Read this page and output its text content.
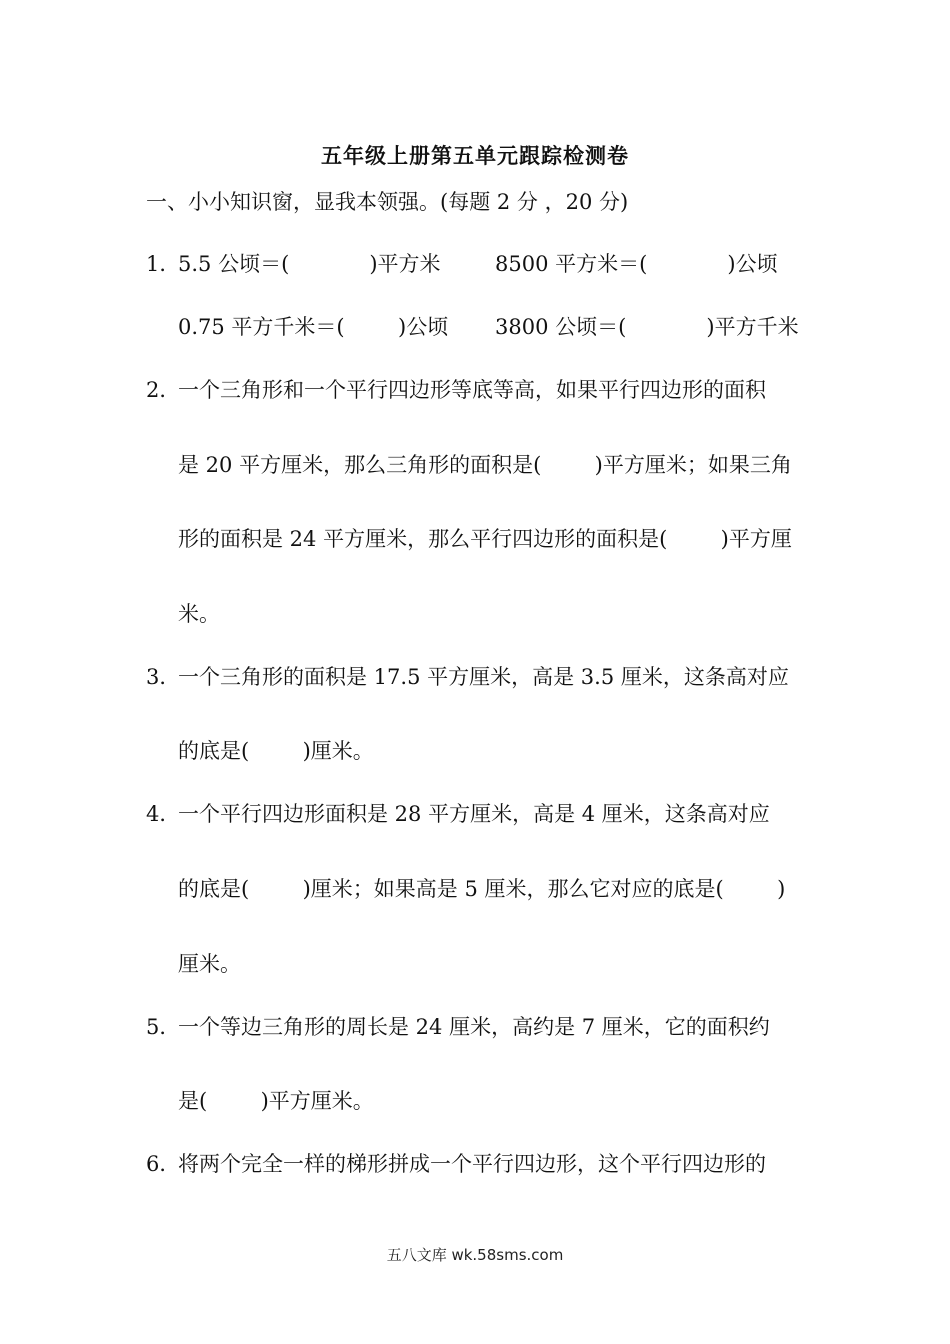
五年级上册第五单元跟踪检测卷
一、小小知识窗，显我本领强。(每题 2 分 ，20 分)
1．
5.5 公顷＝(            )平方米	8500 平方米＝(            )公顷
0.75 平方千米＝(        )公顷 3800 公顷＝(            )平方千米
2．
一个三角形和一个平行四边形等底等高，如果平行四边形的面积
是 20 平方厘米，那么三角形的面积是(        )平方厘米；如果三角
形的面积是 24 平方厘米，那么平行四边形的面积是(        )平方厘
米。
3．
一个三角形的面积是 17.5 平方厘米，高是 3.5 厘米，这条高对应
的底是(        )厘米。
4．
一个平行四边形面积是 28 平方厘米，高是 4 厘米，这条高对应
的底是(        )厘米；如果高是 5 厘米，那么它对应的底是(        )
厘米。
5．
一个等边三角形的周长是 24 厘米，高约是 7 厘米，它的面积约
是(        )平方厘米。
6．
将两个完全一样的梯形拼成一个平行四边形，这个平行四边形的
五八文库 wk.58sms.com
